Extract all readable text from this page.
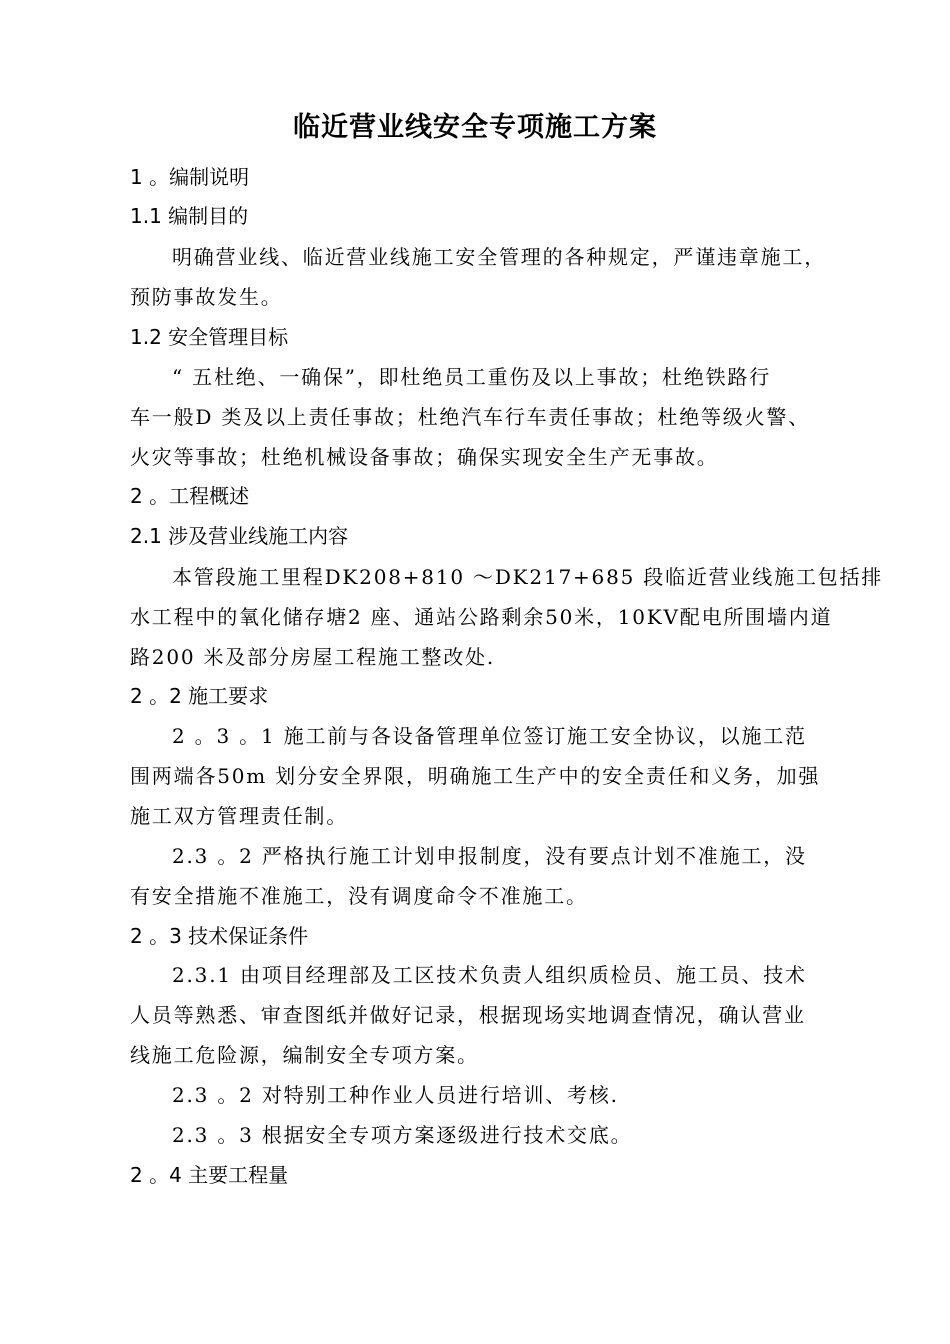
临近营业线安全专项施工方案
1 。编制说明
1.1 编制目的
明确营业线、临近营业线施工安全管理的各种规定，严谨违章施工，
预防事故发生。
1.2 安全管理目标
“ 五杜绝、一确保”，即杜绝员工重伤及以上事故；杜绝铁路行
车一般D 类及以上责任事故；杜绝汽车行车责任事故；杜绝等级火警、
火灾等事故；杜绝机械设备事故；确保实现安全生产无事故。
2 。工程概述
2.1 涉及营业线施工内容
本管段施工里程DK208+810 ～DK217+685 段临近营业线施工包括排
水工程中的氧化储存塘2 座、通站公路剩余50米，10KV配电所围墙内道
路200 米及部分房屋工程施工整改处.
2 。2 施工要求
2 。3 。1 施工前与各设备管理单位签订施工安全协议，以施工范
围两端各50m 划分安全界限，明确施工生产中的安全责任和义务，加强
施工双方管理责任制。
2.3 。2 严格执行施工计划申报制度，没有要点计划不准施工，没
有安全措施不准施工，没有调度命令不准施工。
2 。3 技术保证条件
2.3.1 由项目经理部及工区技术负责人组织质检员、施工员、技术
人员等熟悉、审查图纸并做好记录，根据现场实地调查情况，确认营业
线施工危险源，编制安全专项方案。
2.3 。2 对特别工种作业人员进行培训、考核.
2.3 。3 根据安全专项方案逐级进行技术交底。
2 。4 主要工程量
